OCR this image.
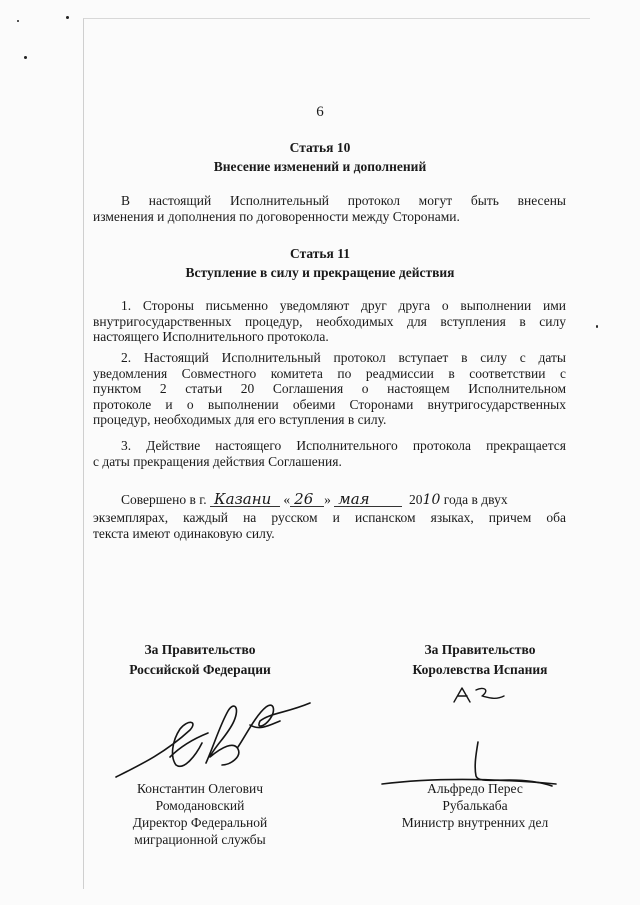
6
Статья 10
Внесение изменений и дополнений
В настоящий Исполнительный протокол могут быть внесены
изменения и дополнения по договоренности между Сторонами.
Статья 11
Вступление в силу и прекращение действия
1. Стороны письменно уведомляют друг друга о выполнении ими
внутригосударственных процедур, необходимых для вступления в силу
настоящего Исполнительного протокола.
2. Настоящий Исполнительный протокол вступает в силу с даты
уведомления Совместного комитета по реадмиссии в соответствии с
пунктом 2 статьи 20 Соглашения о настоящем Исполнительном
протоколе и о выполнении обеими Сторонами внутригосударственных
процедур, необходимых для его вступления в силу.
3. Действие настоящего Исполнительного протокола прекращается
с даты прекращения действия Соглашения.
Совершено в г. Казани « 26 » мая	2010 года в двух
экземплярах, каждый на русском и испанском языках, причем оба
текста имеют одинаковую силу.
За Правительство
Российской Федерации
За Правительство
Королевства Испания
Константин Олегович
Ромодановский
Директор Федеральной
миграционной службы
Альфредо Перес
Рубалькаба
Министр внутренних дел
